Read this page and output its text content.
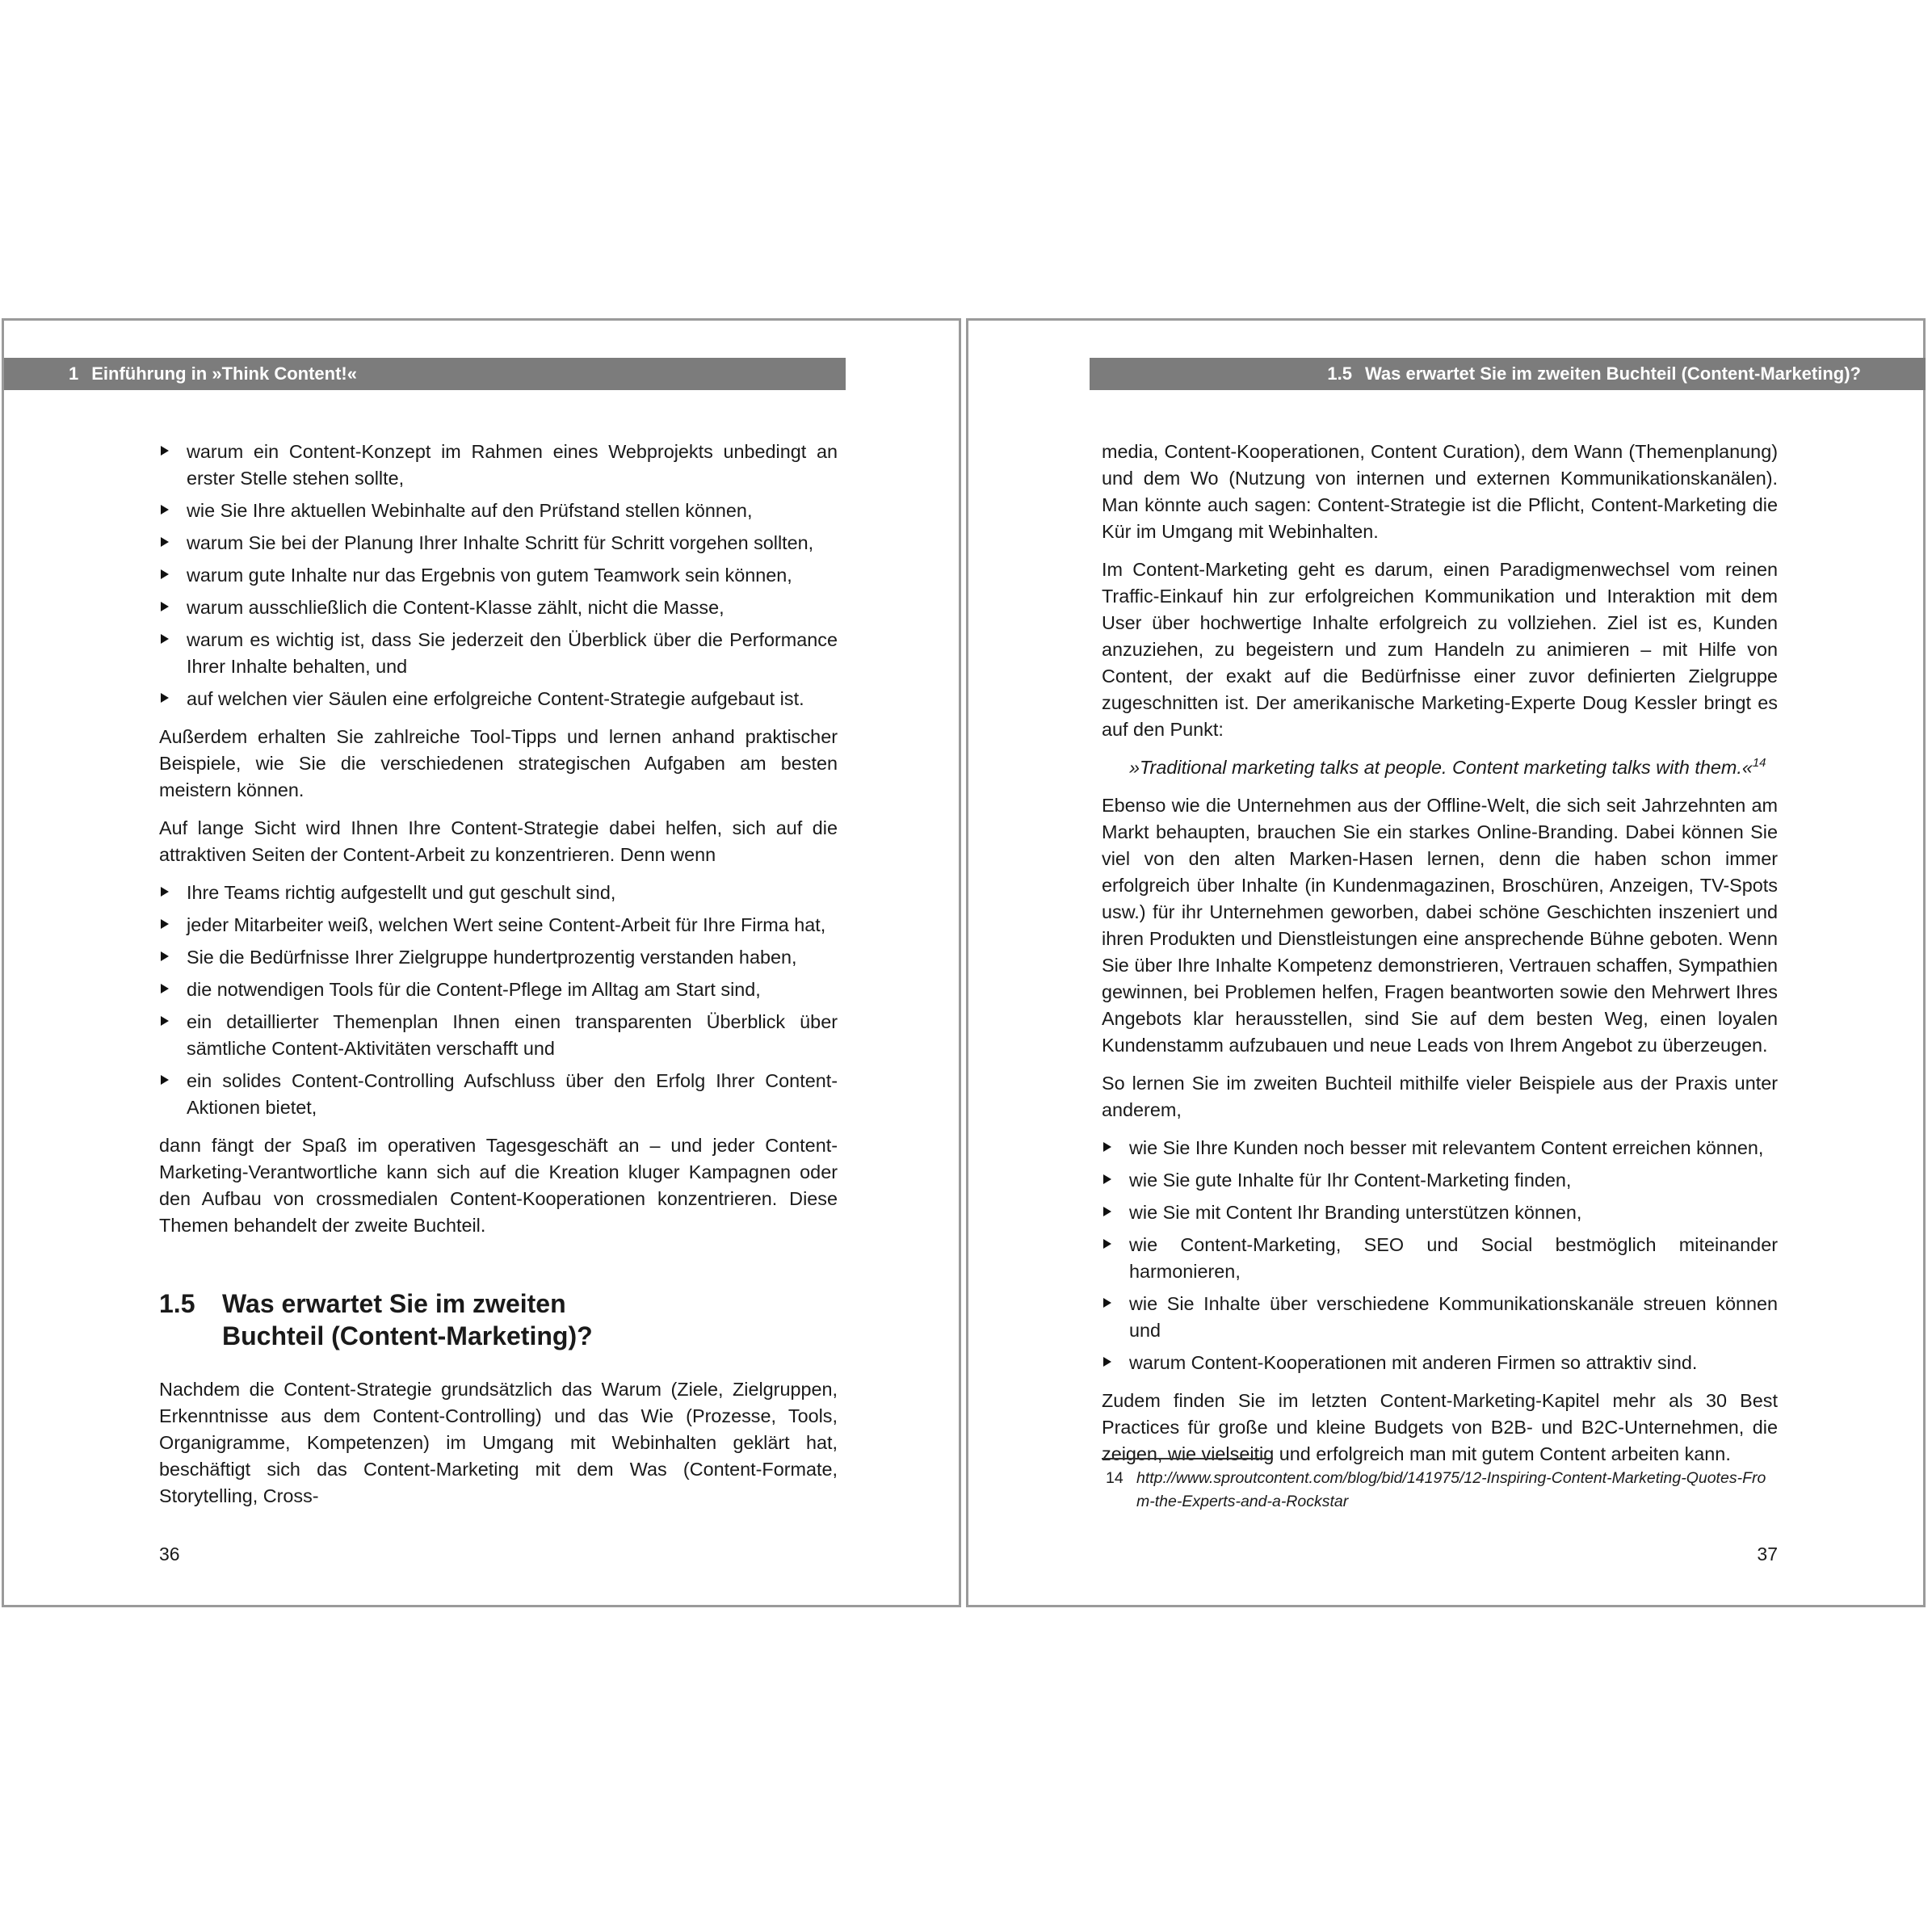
1 Einführung in »Think Content!«
warum ein Content-Konzept im Rahmen eines Webprojekts unbedingt an erster Stelle stehen sollte,
wie Sie Ihre aktuellen Webinhalte auf den Prüfstand stellen können,
warum Sie bei der Planung Ihrer Inhalte Schritt für Schritt vorgehen sollten,
warum gute Inhalte nur das Ergebnis von gutem Teamwork sein können,
warum ausschließlich die Content-Klasse zählt, nicht die Masse,
warum es wichtig ist, dass Sie jederzeit den Überblick über die Performance Ihrer Inhalte behalten, und
auf welchen vier Säulen eine erfolgreiche Content-Strategie aufgebaut ist.

Außerdem erhalten Sie zahlreiche Tool-Tipps und lernen anhand praktischer Beispiele, wie Sie die verschiedenen strategischen Aufgaben am besten meistern können.

Auf lange Sicht wird Ihnen Ihre Content-Strategie dabei helfen, sich auf die attraktiven Seiten der Content-Arbeit zu konzentrieren. Denn wenn

Ihre Teams richtig aufgestellt und gut geschult sind,
jeder Mitarbeiter weiß, welchen Wert seine Content-Arbeit für Ihre Firma hat,
Sie die Bedürfnisse Ihrer Zielgruppe hundertprozentig verstanden haben,
die notwendigen Tools für die Content-Pflege im Alltag am Start sind,
ein detaillierter Themenplan Ihnen einen transparenten Überblick über sämtliche Content-Aktivitäten verschafft und
ein solides Content-Controlling Aufschluss über den Erfolg Ihrer Content-Aktionen bietet,

dann fängt der Spaß im operativen Tagesgeschäft an – und jeder Content-Marketing-Verantwortliche kann sich auf die Kreation kluger Kampagnen oder den Aufbau von crossmedialen Content-Kooperationen konzentrieren. Diese Themen behandelt der zweite Buchteil.

1.5	Was erwartet Sie im zweiten Buchteil (Content-Marketing)?

Nachdem die Content-Strategie grundsätzlich das Warum (Ziele, Zielgruppen, Erkenntnisse aus dem Content-Controlling) und das Wie (Prozesse, Tools, Organigramme, Kompetenzen) im Umgang mit Webinhalten geklärt hat, beschäftigt sich das Content-Marketing mit dem Was (Content-Formate, Storytelling, Cross-

36
1.5 Was erwartet Sie im zweiten Buchteil (Content-Marketing)?

media, Content-Kooperationen, Content Curation), dem Wann (Themenplanung) und dem Wo (Nutzung von internen und externen Kommunikationskanälen). Man könnte auch sagen: Content-Strategie ist die Pflicht, Content-Marketing die Kür im Umgang mit Webinhalten.

Im Content-Marketing geht es darum, einen Paradigmenwechsel vom reinen Traffic-Einkauf hin zur erfolgreichen Kommunikation und Interaktion mit dem User über hochwertige Inhalte erfolgreich zu vollziehen. Ziel ist es, Kunden anzuziehen, zu begeistern und zum Handeln zu animieren – mit Hilfe von Content, der exakt auf die Bedürfnisse einer zuvor definierten Zielgruppe zugeschnitten ist. Der amerikanische Marketing-Experte Doug Kessler bringt es auf den Punkt:

»Traditional marketing talks at people. Content marketing talks with them.«$^{14}$

Ebenso wie die Unternehmen aus der Offline-Welt, die sich seit Jahrzehnten am Markt behaupten, brauchen Sie ein starkes Online-Branding. Dabei können Sie viel von den alten Marken-Hasen lernen, denn die haben schon immer erfolgreich über Inhalte (in Kundenmagazinen, Broschüren, Anzeigen, TV-Spots usw.) für ihr Unternehmen geworben, dabei schöne Geschichten inszeniert und ihren Produkten und Dienstleistungen eine ansprechende Bühne geboten. Wenn Sie über Ihre Inhalte Kompetenz demonstrieren, Vertrauen schaffen, Sympathien gewinnen, bei Problemen helfen, Fragen beantworten sowie den Mehrwert Ihres Angebots klar herausstellen, sind Sie auf dem besten Weg, einen loyalen Kundenstamm aufzubauen und neue Leads von Ihrem Angebot zu überzeugen.

So lernen Sie im zweiten Buchteil mithilfe vieler Beispiele aus der Praxis unter anderem,

wie Sie Ihre Kunden noch besser mit relevantem Content erreichen können,
wie Sie gute Inhalte für Ihr Content-Marketing finden,
wie Sie mit Content Ihr Branding unterstützen können,
wie Content-Marketing, SEO und Social bestmöglich miteinander harmonieren,
wie Sie Inhalte über verschiedene Kommunikationskanäle streuen können und
warum Content-Kooperationen mit anderen Firmen so attraktiv sind.

Zudem finden Sie im letzten Content-Marketing-Kapitel mehr als 30 Best Practices für große und kleine Budgets von B2B- und B2C-Unternehmen, die zeigen, wie vielseitig und erfolgreich man mit gutem Content arbeiten kann.

14 http://www.sproutcontent.com/blog/bid/141975/12-Inspiring-Content-Marketing-Quotes-From-the-Experts-and-a-Rockstar
37
